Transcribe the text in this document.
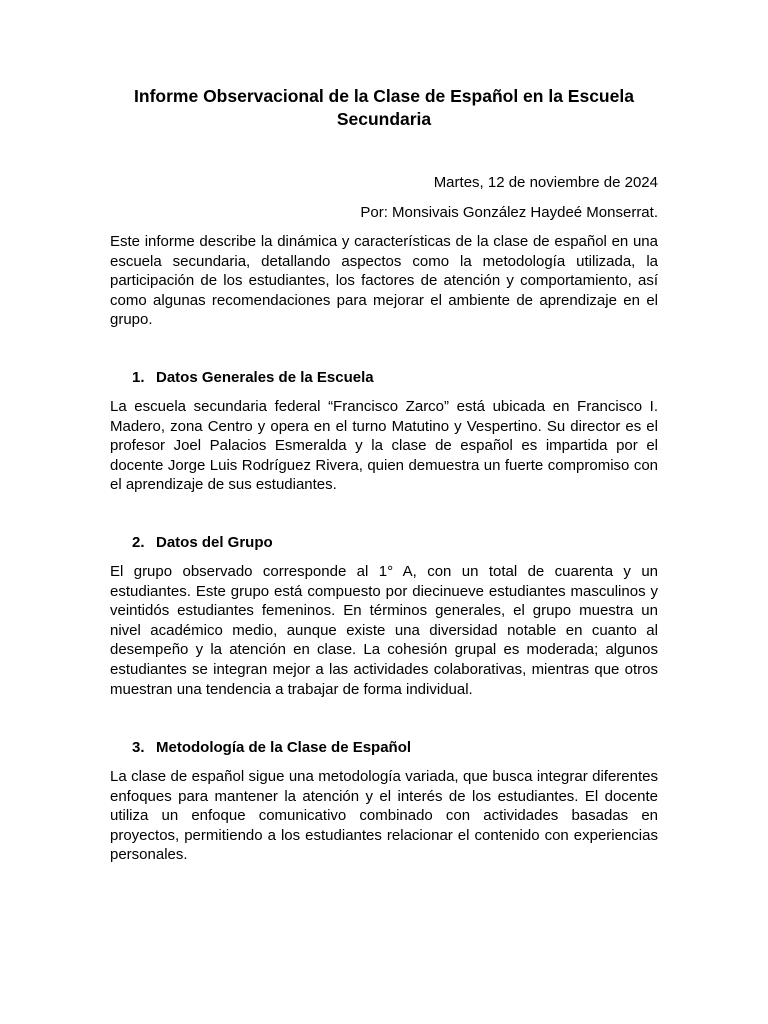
Informe Observacional de la Clase de Español en la Escuela Secundaria
Martes, 12 de noviembre de 2024
Por: Monsivais González Haydeé Monserrat.
Este informe describe la dinámica y características de la clase de español en una escuela secundaria, detallando aspectos como la metodología utilizada, la participación de los estudiantes, los factores de atención y comportamiento, así como algunas recomendaciones para mejorar el ambiente de aprendizaje en el grupo.
1. Datos Generales de la Escuela
La escuela secundaria federal “Francisco Zarco” está ubicada en Francisco I. Madero, zona Centro y opera en el turno Matutino y Vespertino. Su director es el profesor Joel Palacios Esmeralda y la clase de español es impartida por el docente Jorge Luis Rodríguez Rivera, quien demuestra un fuerte compromiso con el aprendizaje de sus estudiantes.
2. Datos del Grupo
El grupo observado corresponde al 1° A, con un total de cuarenta y un estudiantes. Este grupo está compuesto por diecinueve estudiantes masculinos y veintidós estudiantes femeninos. En términos generales, el grupo muestra un nivel académico medio, aunque existe una diversidad notable en cuanto al desempeño y la atención en clase. La cohesión grupal es moderada; algunos estudiantes se integran mejor a las actividades colaborativas, mientras que otros muestran una tendencia a trabajar de forma individual.
3. Metodología de la Clase de Español
La clase de español sigue una metodología variada, que busca integrar diferentes enfoques para mantener la atención y el interés de los estudiantes. El docente utiliza un enfoque comunicativo combinado con actividades basadas en proyectos, permitiendo a los estudiantes relacionar el contenido con experiencias personales.
